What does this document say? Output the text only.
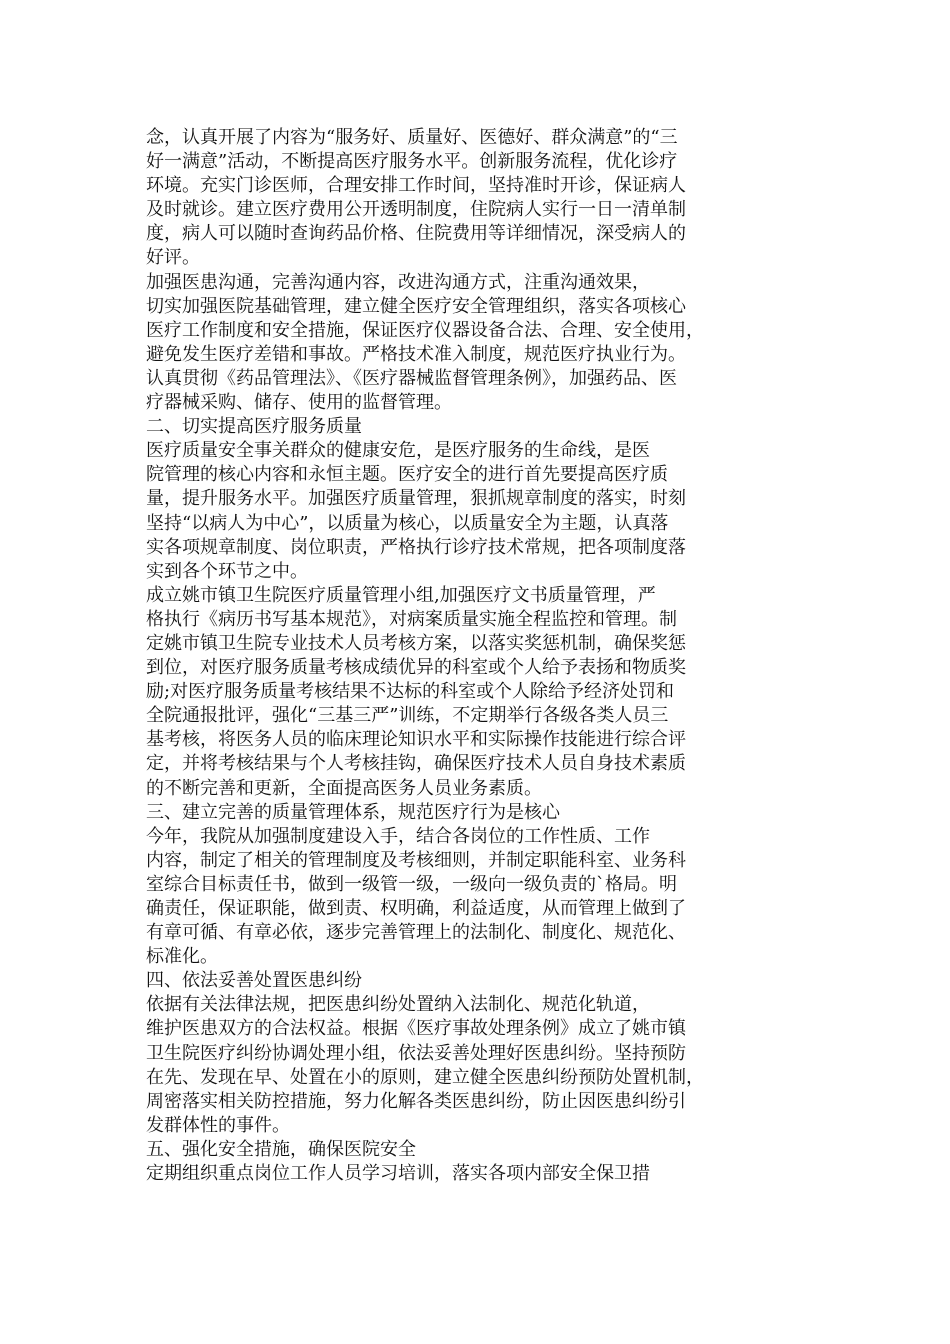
念，认真开展了内容为“服务好、质量好、医德好、群众满意”的“三
好一满意”活动，不断提高医疗服务水平。创新服务流程，优化诊疗
环境。充实门诊医师，合理安排工作时间，坚持准时开诊，保证病人
及时就诊。建立医疗费用公开透明制度，住院病人实行一日一清单制
度，病人可以随时查询药品价格、住院费用等详细情况，深受病人的
好评。
加强医患沟通，完善沟通内容，改进沟通方式，注重沟通效果，
切实加强医院基础管理，建立健全医疗安全管理组织，落实各项核心
医疗工作制度和安全措施，保证医疗仪器设备合法、合理、安全使用，
避免发生医疗差错和事故。严格技术准入制度，规范医疗执业行为。
认真贯彻《药品管理法》、《医疗器械监督管理条例》，加强药品、医
疗器械采购、储存、使用的监督管理。
二、切实提高医疗服务质量
医疗质量安全事关群众的健康安危，是医疗服务的生命线，是医
院管理的核心内容和永恒主题。医疗安全的进行首先要提高医疗质
量，提升服务水平。加强医疗质量管理，狠抓规章制度的落实，时刻
坚持“以病人为中心”，以质量为核心，以质量安全为主题，认真落
实各项规章制度、岗位职责，严格执行诊疗技术常规，把各项制度落
实到各个环节之中。
成立姚市镇卫生院医疗质量管理小组,加强医疗文书质量管理，严
格执行《病历书写基本规范》，对病案质量实施全程监控和管理。制
定姚市镇卫生院专业技术人员考核方案，以落实奖惩机制，确保奖惩
到位，对医疗服务质量考核成绩优异的科室或个人给予表扬和物质奖
励;对医疗服务质量考核结果不达标的科室或个人除给予经济处罚和
全院通报批评，强化“三基三严”训练，不定期举行各级各类人员三
基考核，将医务人员的临床理论知识水平和实际操作技能进行综合评
定，并将考核结果与个人考核挂钩，确保医疗技术人员自身技术素质
的不断完善和更新，全面提高医务人员业务素质。
三、建立完善的质量管理体系，规范医疗行为是核心
今年，我院从加强制度建设入手，结合各岗位的工作性质、工作
内容，制定了相关的管理制度及考核细则，并制定职能科室、业务科
室综合目标责任书，做到一级管一级，一级向一级负责的`格局。明
确责任，保证职能，做到责、权明确，利益适度，从而管理上做到了
有章可循、有章必依，逐步完善管理上的法制化、制度化、规范化、
标准化。
四、依法妥善处置医患纠纷
依据有关法律法规，把医患纠纷处置纳入法制化、规范化轨道，
维护医患双方的合法权益。根据《医疗事故处理条例》成立了姚市镇
卫生院医疗纠纷协调处理小组，依法妥善处理好医患纠纷。坚持预防
在先、发现在早、处置在小的原则，建立健全医患纠纷预防处置机制，
周密落实相关防控措施，努力化解各类医患纠纷，防止因医患纠纷引
发群体性的事件。
五、强化安全措施，确保医院安全
定期组织重点岗位工作人员学习培训，落实各项内部安全保卫措
